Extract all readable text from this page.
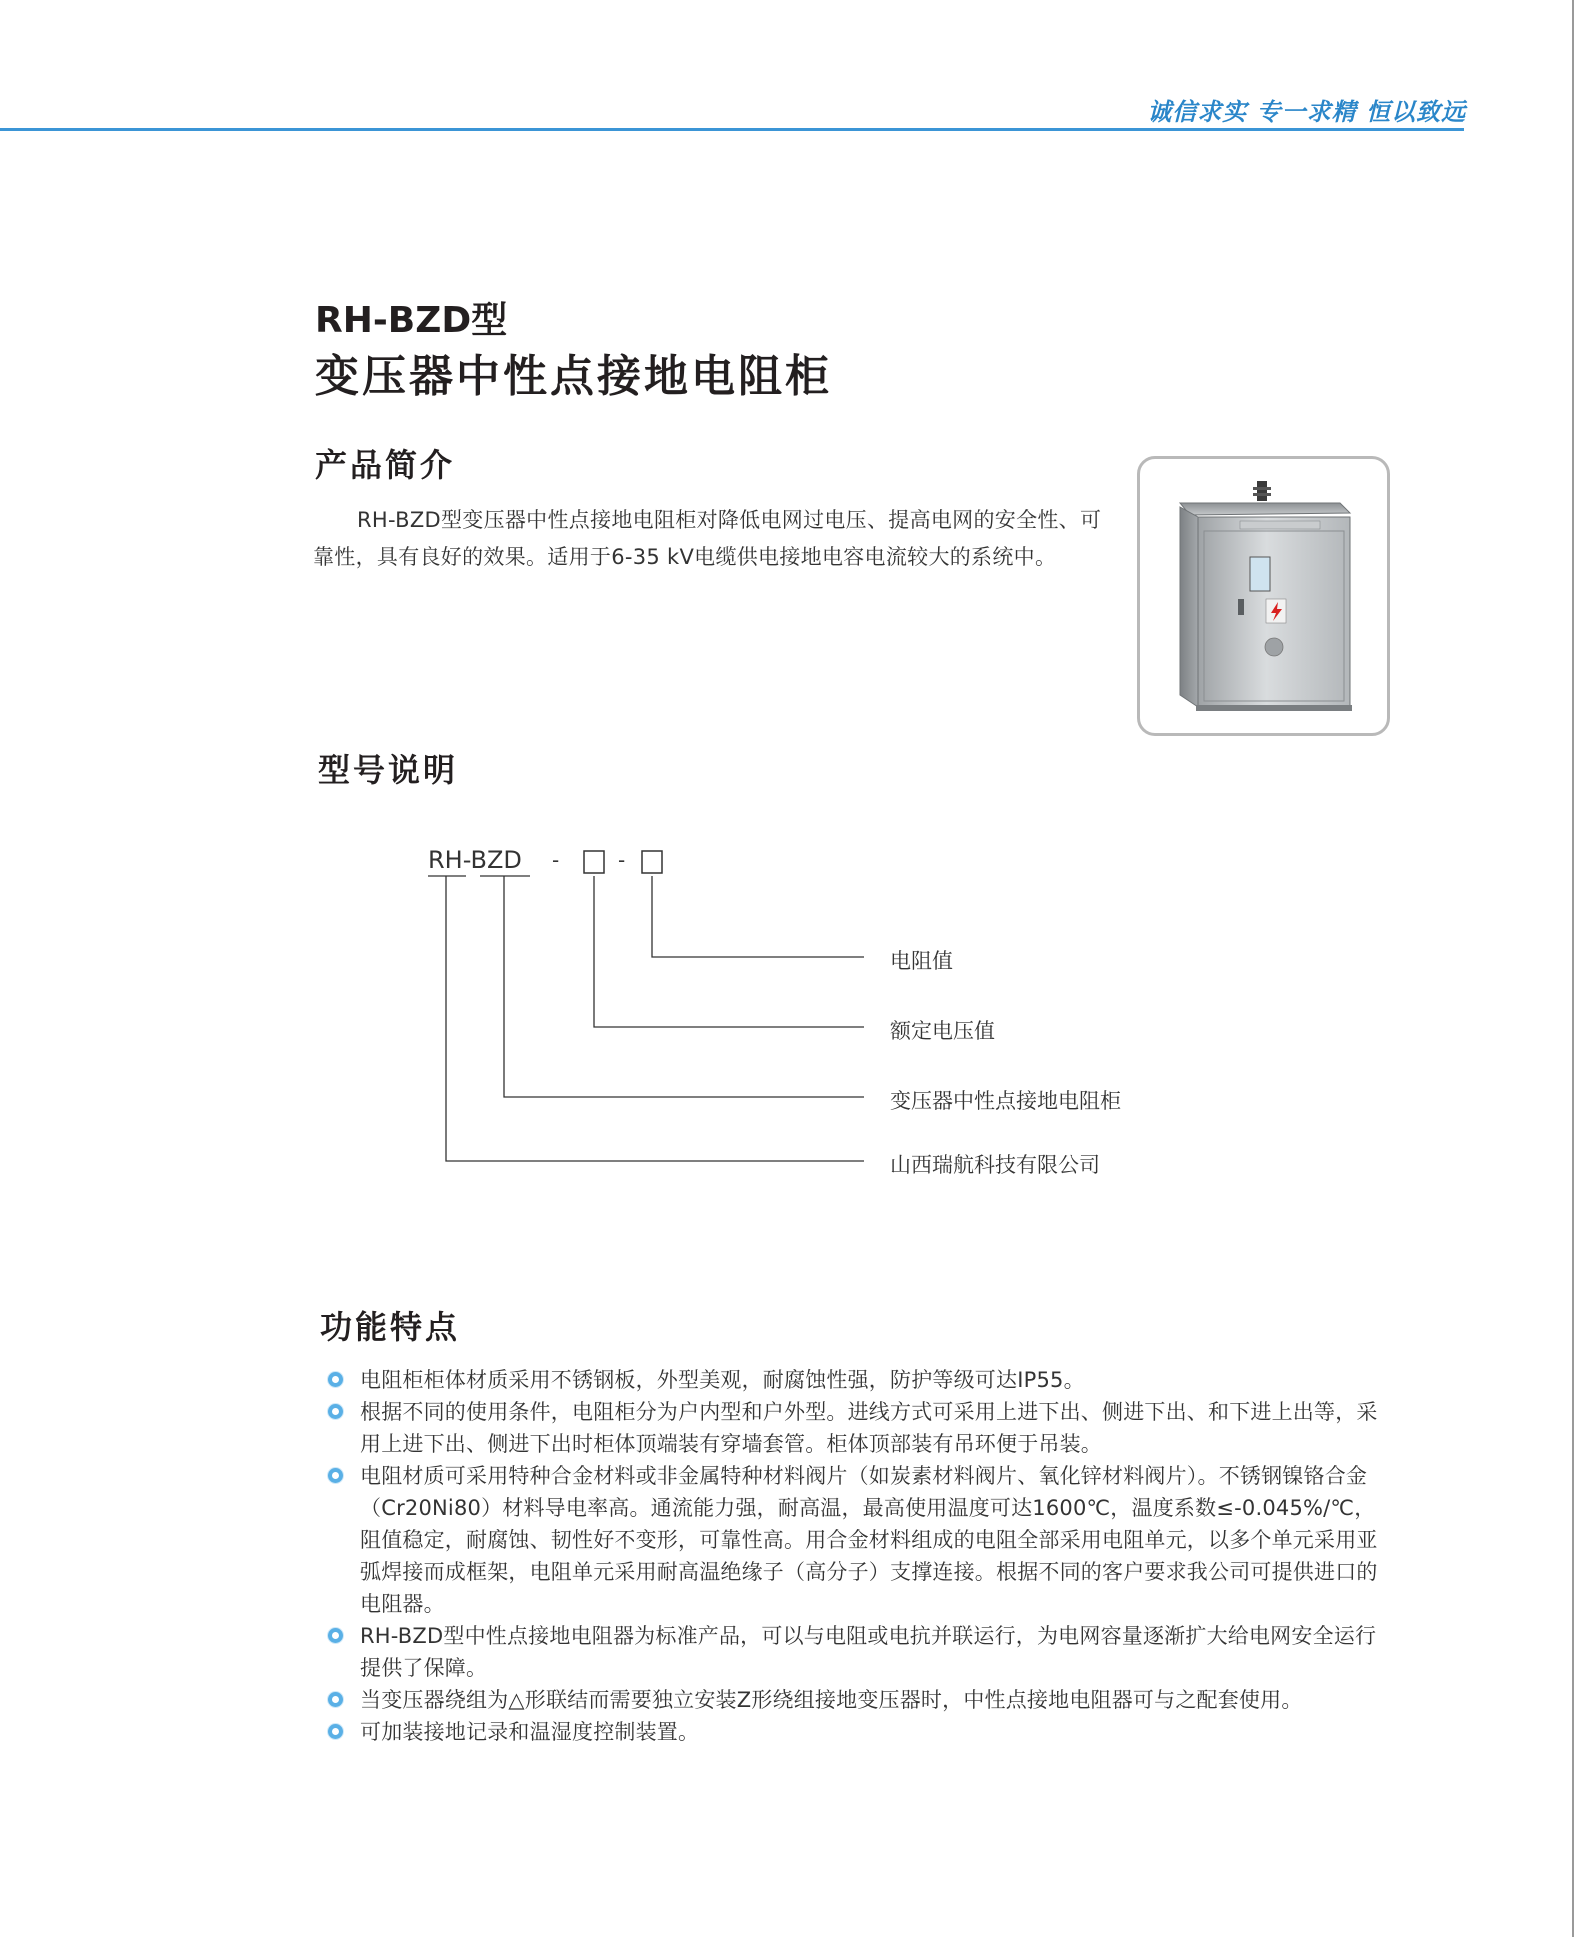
诚信求实 专一求精 恒以致远
RH-BZD型
变压器中性点接地电阻柜
产品简介

RH-BZD型变压器中性点接地电阻柜对降低电网过电压、提高电网的安全性、可靠性，具有良好的效果。适用于6-35 kV电缆供电接地电容电流较大的系统中。

型号说明
RH-BZD -	-
电阻值
额定电压值
变压器中性点接地电阻柜
山西瑞航科技有限公司
功能特点
电阻柜柜体材质采用不锈钢板，外型美观，耐腐蚀性强，防护等级可达IP55。
根据不同的使用条件，电阻柜分为户内型和户外型。进线方式可采用上进下出、侧进下出、和下进上出等，采用上进下出、侧进下出时柜体顶端装有穿墙套管。柜体顶部装有吊环便于吊装。
电阻材质可采用特种合金材料或非金属特种材料阀片（如炭素材料阀片、氧化锌材料阀片）。不锈钢镍铬合金（Cr20Ni80）材料导电率高。通流能力强，耐高温，最高使用温度可达1600℃，温度系数≤-0.045%/℃，阻值稳定，耐腐蚀、韧性好不变形，可靠性高。用合金材料组成的电阻全部采用电阻单元，以多个单元采用亚弧焊接而成框架，电阻单元采用耐高温绝缘子（高分子）支撑连接。根据不同的客户要求我公司可提供进口的电阻器。
RH-BZD型中性点接地电阻器为标准产品，可以与电阻或电抗并联运行，为电网容量逐渐扩大给电网安全运行提供了保障。
当变压器绕组为△形联结而需要独立安装Z形绕组接地变压器时，中性点接地电阻器可与之配套使用。
可加装接地记录和温湿度控制装置。
